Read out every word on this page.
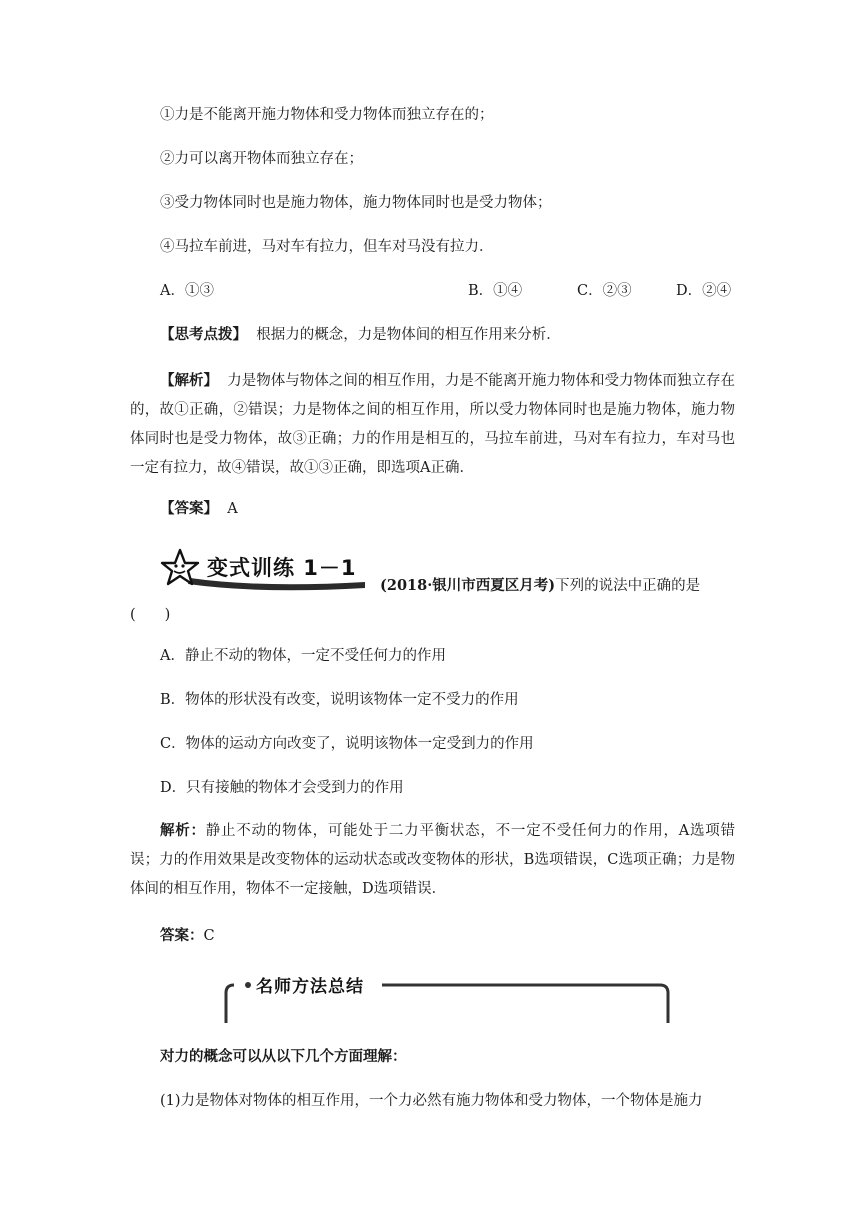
①力是不能离开施力物体和受力物体而独立存在的；
②力可以离开物体而独立存在；
③受力物体同时也是施力物体，施力物体同时也是受力物体；
④马拉车前进，马对车有拉力，但车对马没有拉力．
A．①③	B．①④	C．②③	D．②④
【思考点拨】 根据力的概念，力是物体间的相互作用来分析．
【解析】 力是物体与物体之间的相互作用，力是不能离开施力物体和受力物体而独立存在的，故①正确，②错误；力是物体之间的相互作用，所以受力物体同时也是施力物体，施力物体同时也是受力物体，故③正确；力的作用是相互的，马拉车前进，马对车有拉力，车对马也一定有拉力，故④错误，故①③正确，即选项A正确．
【答案】 A
变式训练 1－1
(2018·银川市西夏区月考)下列的说法中正确的是
(　　)
A．静止不动的物体，一定不受任何力的作用
B．物体的形状没有改变，说明该物体一定不受力的作用
C．物体的运动方向改变了，说明该物体一定受到力的作用
D．只有接触的物体才会受到力的作用
解析：静止不动的物体，可能处于二力平衡状态，不一定不受任何力的作用，A选项错误；力的作用效果是改变物体的运动状态或改变物体的形状，B选项错误，C选项正确；力是物体间的相互作用，物体不一定接触，D选项错误．
答案：C
名师方法总结
对力的概念可以从以下几个方面理解：
(1)力是物体对物体的相互作用，一个力必然有施力物体和受力物体，一个物体是施力
